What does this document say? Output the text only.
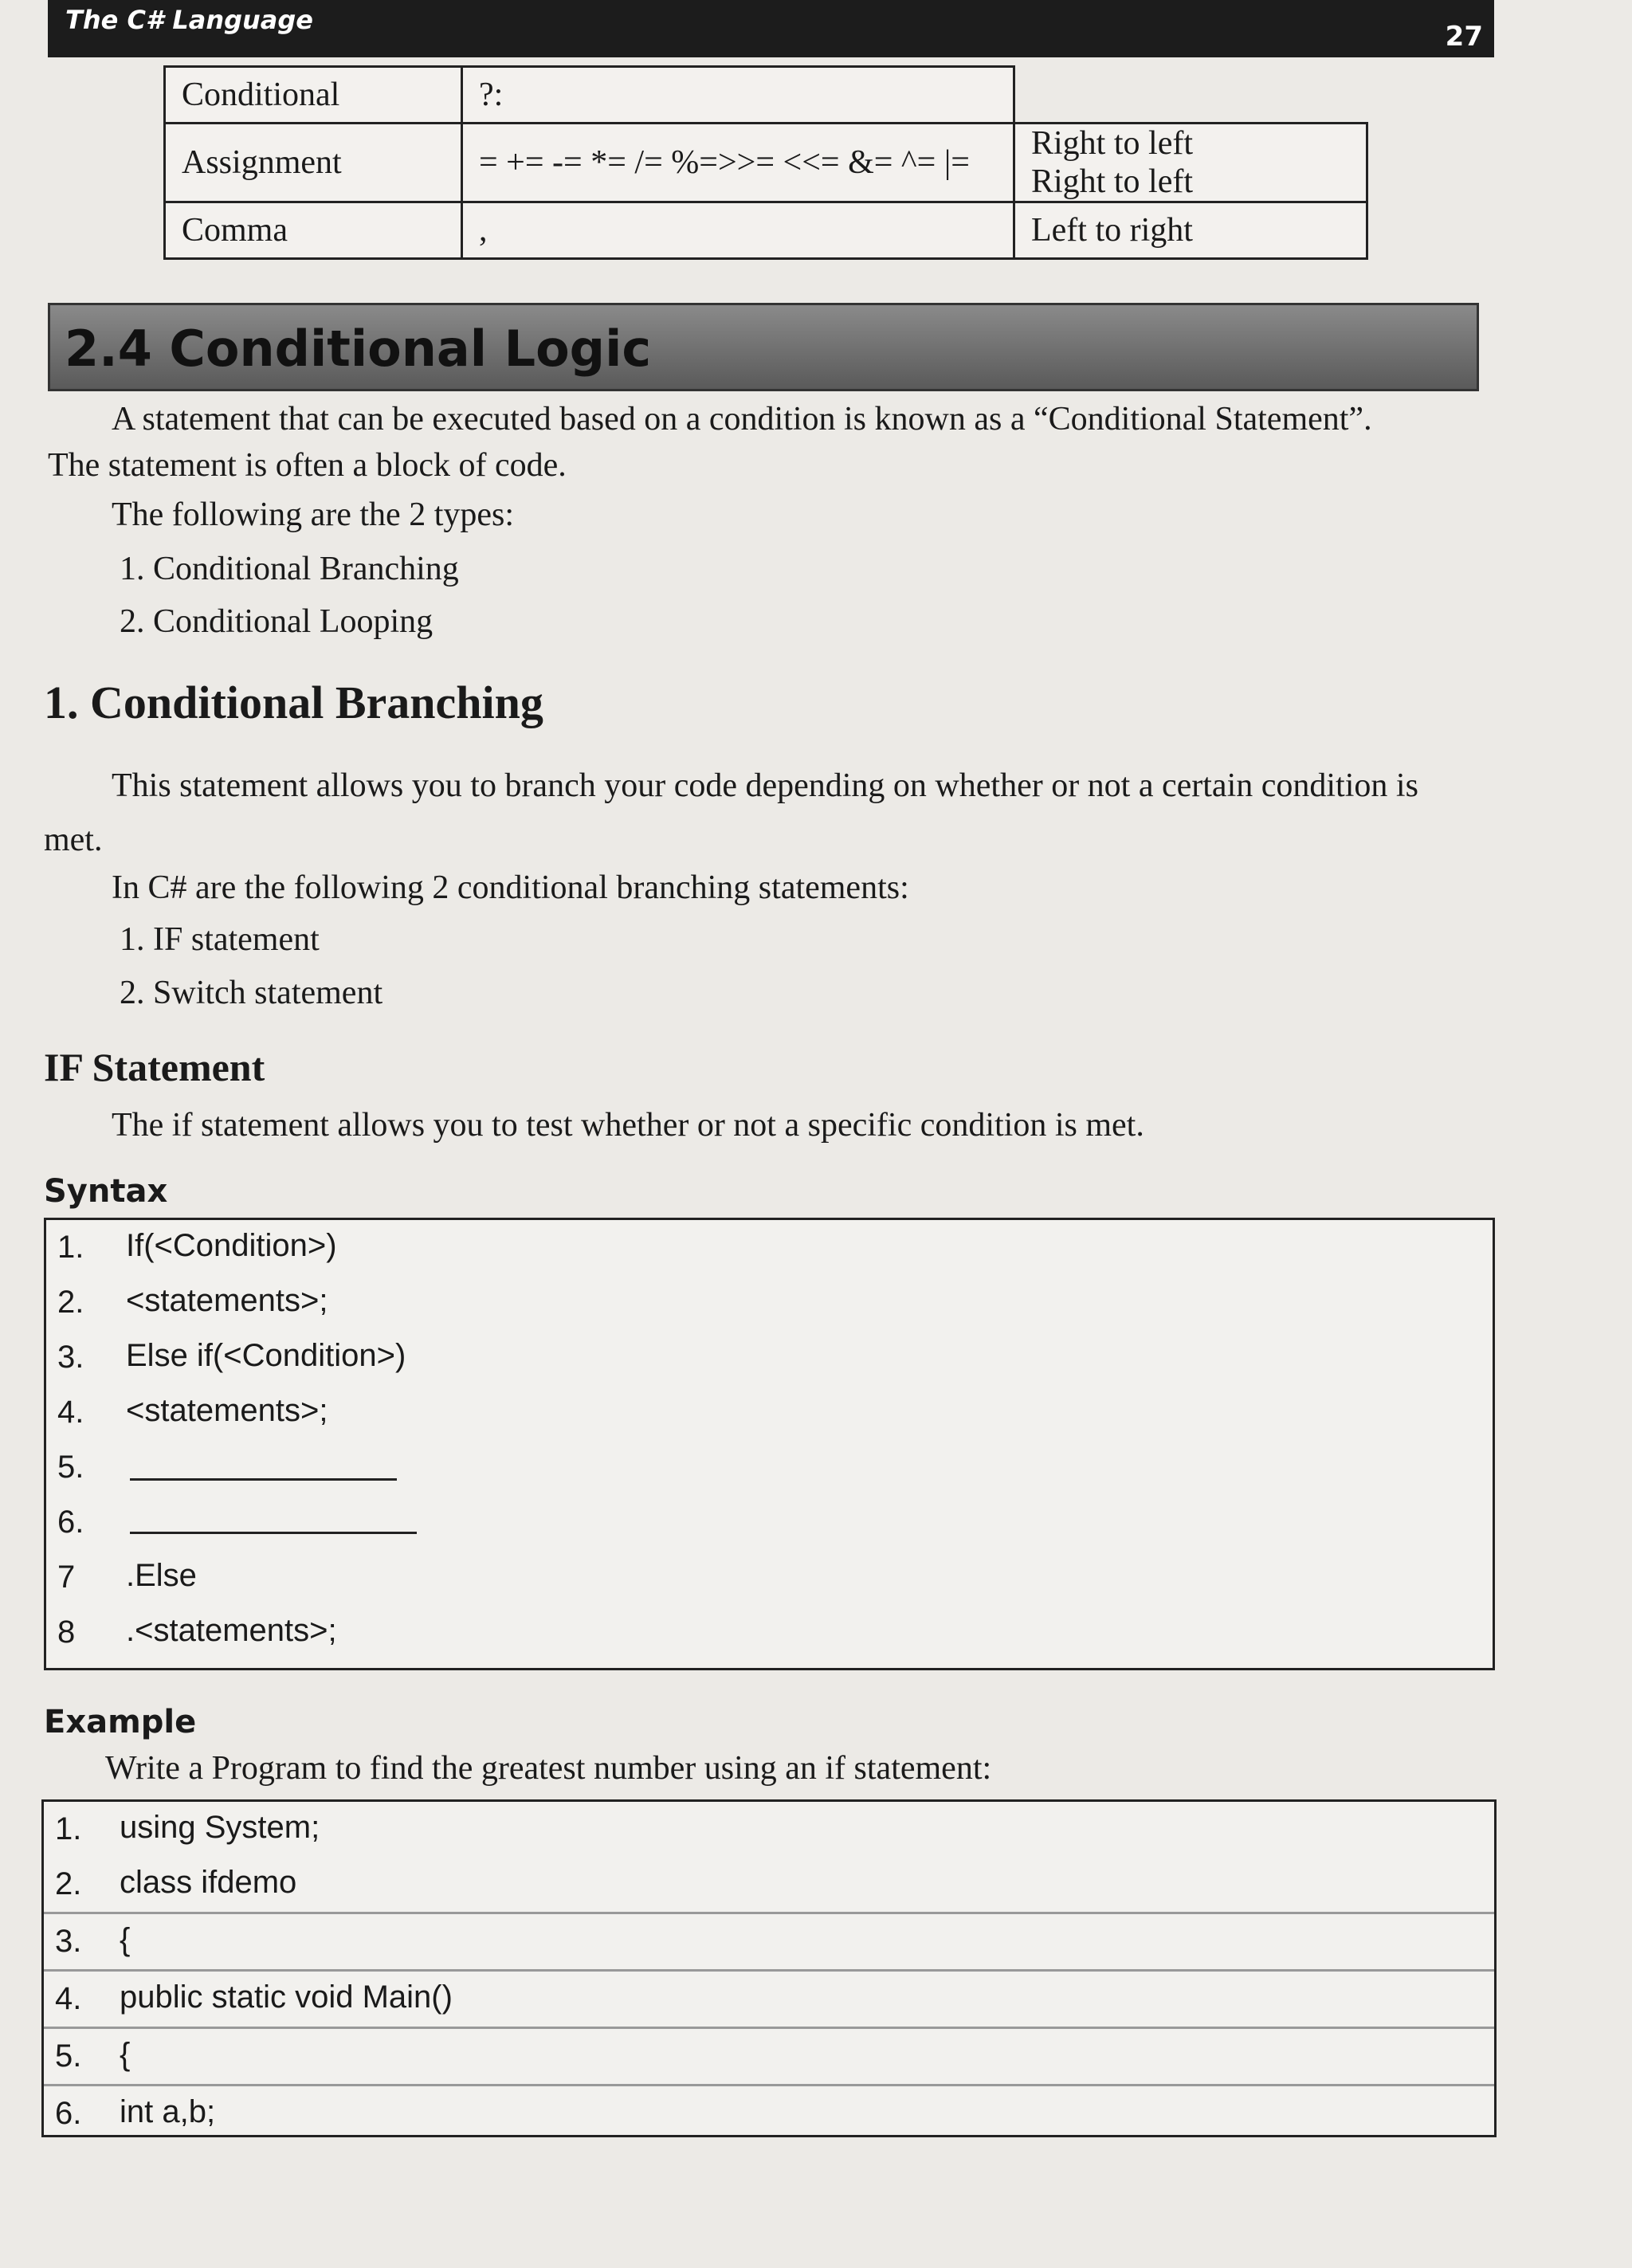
The C# Language
27
Conditional	?:	
Assignment	= += -= *= /= %=>>= <<= &= ^= |=	Right to left
Right to left

Comma	,	Left to right
2.4 Conditional Logic
A statement that can be executed based on a condition is known as a “Conditional Statement”.
The statement is often a block of code.
The following are the 2 types:
1. Conditional Branching
2. Conditional Looping
1. Conditional Branching
This statement allows you to branch your code depending on whether or not a certain condition is
met.
In C# are the following 2 conditional branching statements:
1. IF statement
2. Switch statement
IF Statement
The if statement allows you to test whether or not a specific condition is met.
Syntax
1. If(<Condition>)
2. <statements>;
3. Else if(<Condition>)
4. <statements>;
5.
6.
7 .Else
8 .<statements>;
Example
Write a Program to find the greatest number using an if statement:
1. using System;
2. class ifdemo
3. {
4. public static void Main()
5. {
6. int a,b;
